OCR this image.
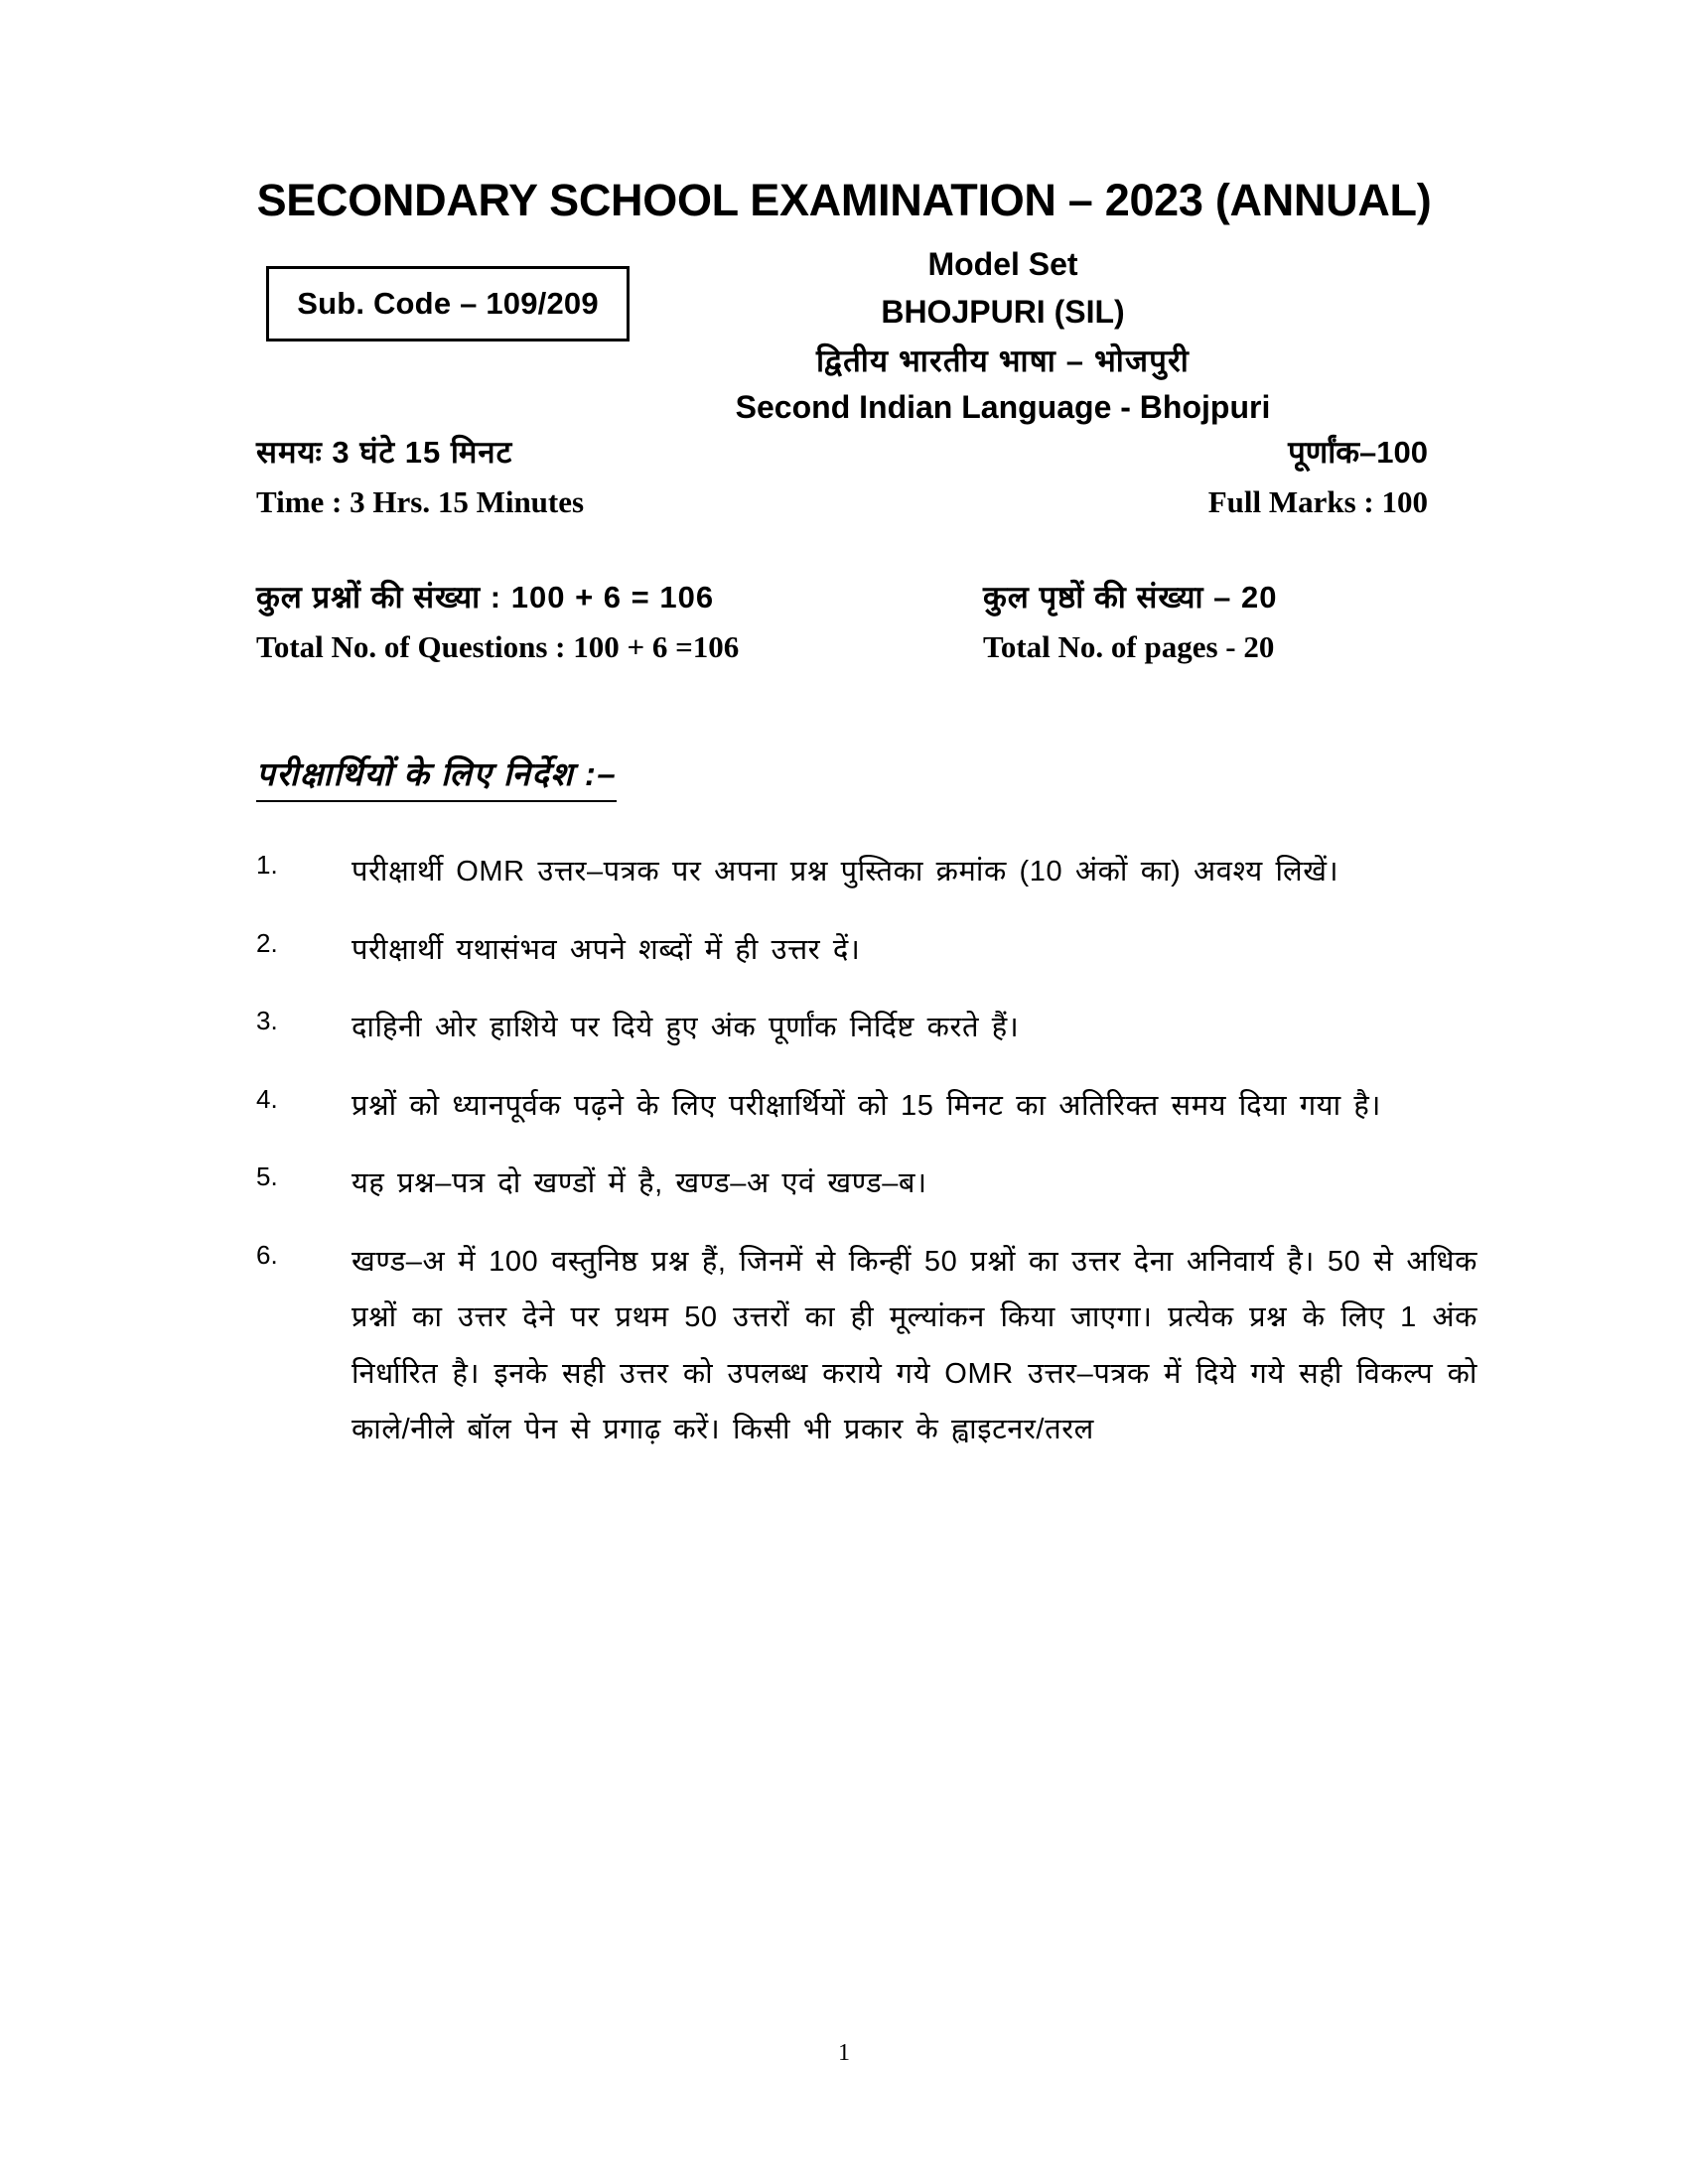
SECONDARY SCHOOL EXAMINATION – 2023 (ANNUAL)
Sub. Code – 109/209
Model Set
BHOJPURI (SIL)
द्वितीय भारतीय भाषा – भोजपुरी
Second Indian Language - Bhojpuri
समयः 3 घंटे 15 मिनट
Time : 3 Hrs. 15 Minutes
पूर्णांक–100
Full Marks : 100
कुल प्रश्नों की संख्या : 100 + 6 = 106
Total No. of Questions : 100 + 6 =106
कुल पृष्ठों की संख्या – 20
Total No. of pages - 20
परीक्षार्थियों के लिए निर्देश :–
1.	परीक्षार्थी OMR उत्तर–पत्रक पर अपना प्रश्न पुस्तिका क्रमांक (10 अंकों का) अवश्य लिखें।
2.	परीक्षार्थी यथासंभव अपने शब्दों में ही उत्तर दें।
3.	दाहिनी ओर हाशिये पर दिये हुए अंक पूर्णांक निर्दिष्ट करते हैं।
4.	प्रश्नों को ध्यानपूर्वक पढ़ने के लिए परीक्षार्थियों को 15 मिनट का अतिरिक्त समय दिया गया है।
5.	यह प्रश्न–पत्र दो खण्डों में है, खण्ड–अ एवं खण्ड–ब।
6.	खण्ड–अ में 100 वस्तुनिष्ठ प्रश्न हैं, जिनमें से किन्हीं 50 प्रश्नों का उत्तर देना अनिवार्य है। 50 से अधिक प्रश्नों का उत्तर देने पर प्रथम 50 उत्तरों का ही मूल्यांकन किया जाएगा। प्रत्येक प्रश्न के लिए 1 अंक निर्धारित है। इनके सही उत्तर को उपलब्ध कराये गये OMR उत्तर–पत्रक में दिये गये सही विकल्प को काले/नीले बॉल पेन से प्रगाढ़ करें। किसी भी प्रकार के ह्वाइटनर/तरल
1
